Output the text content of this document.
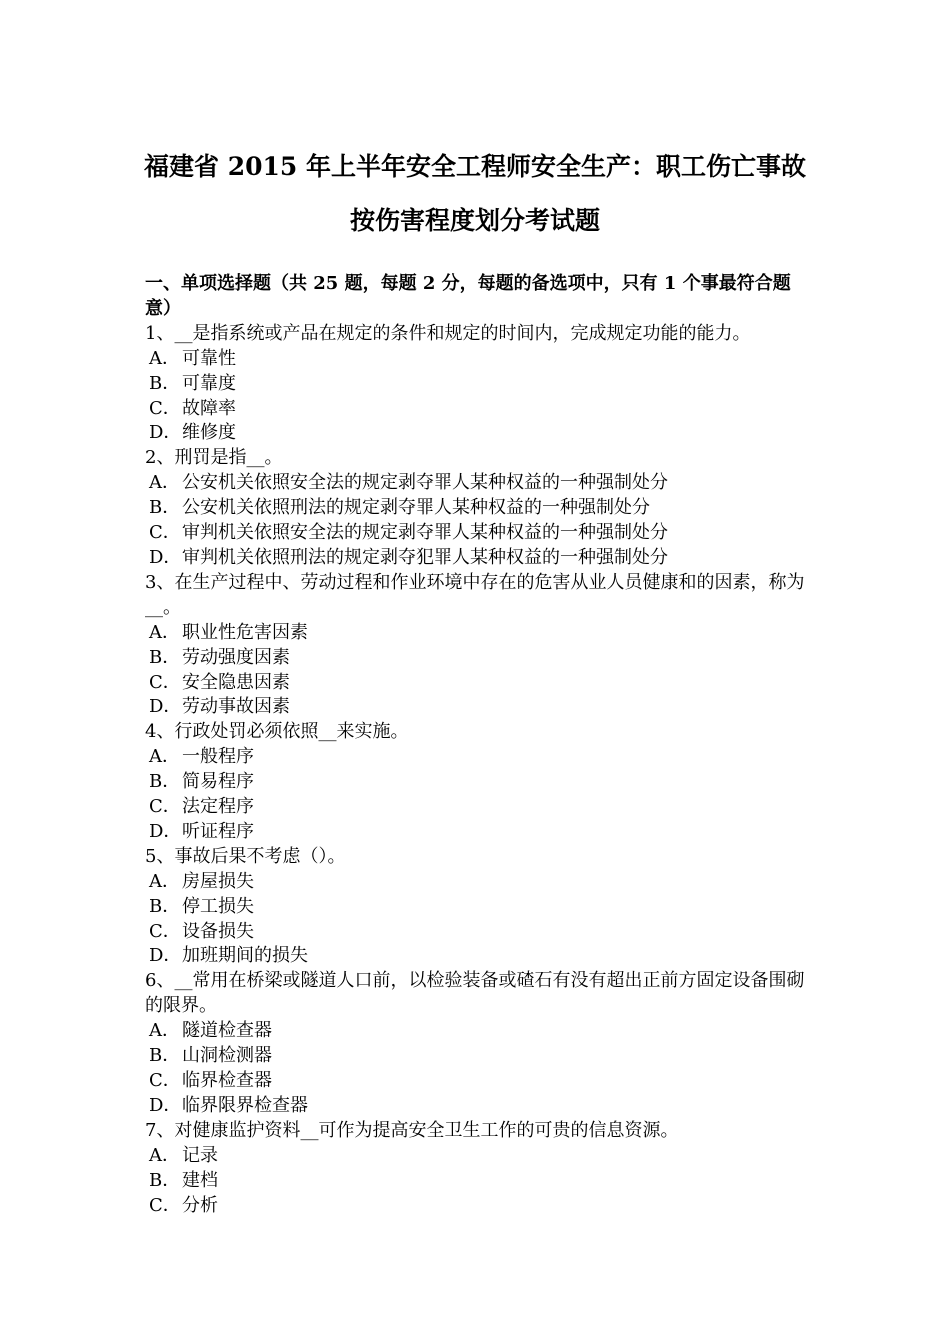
福建省 2015 年上半年安全工程师安全生产：职工伤亡事故
按伤害程度划分考试题
一、单项选择题（共 25 题，每题 2 分，每题的备选项中，只有 1 个事最符合题意）
1、__是指系统或产品在规定的条件和规定的时间内，完成规定功能的能力。
A． 可靠性
B．可靠度
C．故障率
D．维修度
2、刑罚是指__。
A． 公安机关依照安全法的规定剥夺罪人某种权益的一种强制处分
B．公安机关依照刑法的规定剥夺罪人某种权益的一种强制处分
C．审判机关依照安全法的规定剥夺罪人某种权益的一种强制处分
D．审判机关依照刑法的规定剥夺犯罪人某种权益的一种强制处分
3、在生产过程中、劳动过程和作业环境中存在的危害从业人员健康和的因素，称为__。
A． 职业性危害因素
B．劳动强度因素
C．安全隐患因素
D．劳动事故因素
4、行政处罚必须依照__来实施。
A． 一般程序
B．简易程序
C．法定程序
D．听证程序
5、事故后果不考虑（）。
A． 房屋损失
B．停工损失
C．设备损失
D．加班期间的损失
6、__常用在桥梁或隧道人口前，以检验装备或碴石有没有超出正前方固定设备围砌的限界。
A． 隧道检查器
B．山洞检测器
C．临界检查器
D．临界限界检查器
7、对健康监护资料__可作为提高安全卫生工作的可贵的信息资源。
A． 记录
B．建档
C．分析
